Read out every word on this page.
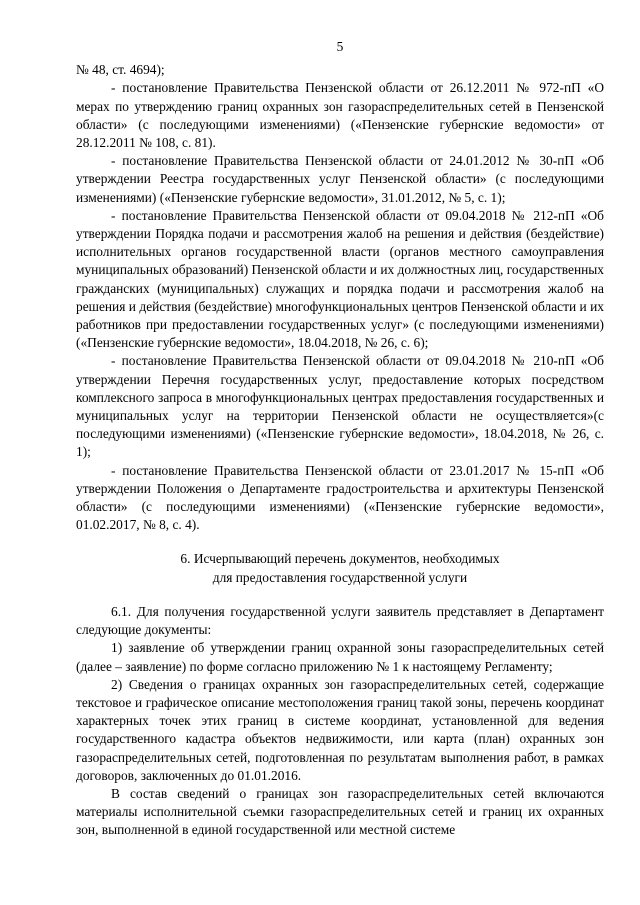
5

№ 48, ст. 4694);

- постановление Правительства Пензенской области от 26.12.2011 № 972-пП «О мерах по утверждению границ охранных зон газораспределительных сетей в Пензенской области» (с последующими изменениями) («Пензенские губернские ведомости» от 28.12.2011 № 108, с. 81).

- постановление Правительства Пензенской области от 24.01.2012 № 30-пП «Об утверждении Реестра государственных услуг Пензенской области» (с последующими изменениями) («Пензенские губернские ведомости», 31.01.2012, № 5, с. 1);

- постановление Правительства Пензенской области от 09.04.2018 № 212-пП «Об утверждении Порядка подачи и рассмотрения жалоб на решения и действия (бездействие) исполнительных органов государственной власти (органов местного самоуправления муниципальных образований) Пензенской области и их должностных лиц, государственных гражданских (муниципальных) служащих и порядка подачи и рассмотрения жалоб на решения и действия (бездействие) многофункциональных центров Пензенской области и их работников при предоставлении государственных услуг» (с последующими изменениями) («Пензенские губернские ведомости», 18.04.2018, № 26, с. 6);

- постановление Правительства Пензенской области от 09.04.2018 № 210-пП «Об утверждении Перечня государственных услуг, предоставление которых посредством комплексного запроса в многофункциональных центрах предоставления государственных и муниципальных услуг на территории Пензенской области не осуществляется»(с последующими изменениями) («Пензенские губернские ведомости», 18.04.2018, № 26, с. 1);

- постановление Правительства Пензенской области от 23.01.2017 № 15-пП «Об утверждении Положения о Департаменте градостроительства и архитектуры Пензенской области» (с последующими изменениями) («Пензенские губернские ведомости», 01.02.2017, № 8, с. 4).

6. Исчерпывающий перечень документов, необходимых
для предоставления государственной услуги

6.1. Для получения государственной услуги заявитель представляет в Департамент следующие документы:

1) заявление об утверждении границ охранной зоны газораспределительных сетей (далее – заявление) по форме согласно приложению № 1 к настоящему Регламенту;

2) Сведения о границах охранных зон газораспределительных сетей, содержащие текстовое и графическое описание местоположения границ такой зоны, перечень координат характерных точек этих границ в системе координат, установленной для ведения государственного кадастра объектов недвижимости, или карта (план) охранных зон газораспределительных сетей, подготовленная по результатам выполнения работ, в рамках договоров, заключенных до 01.01.2016.

В состав сведений о границах зон газораспределительных сетей включаются материалы исполнительной съемки газораспределительных сетей и границ их охранных зон, выполненной в единой государственной или местной системе
